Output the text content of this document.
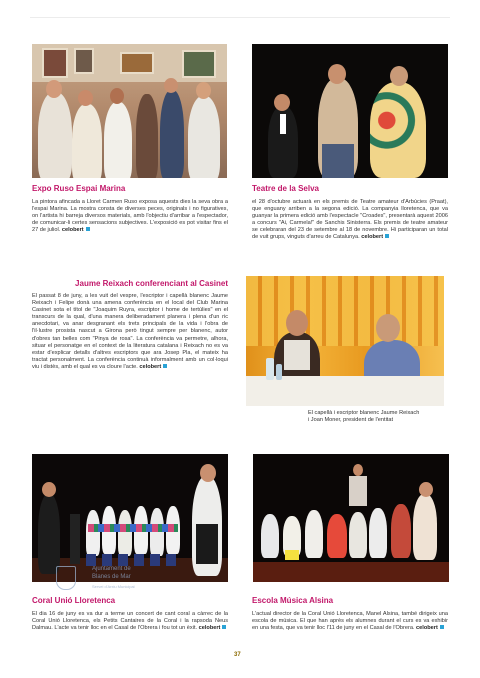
Expo Ruso Espai Marina
La pintora afincada a Lloret Carmen Ruso exposa aquests dies la seva obra a l'espai Marina. La mostra consta de diverses peces, originals i no figuratives, on l'artista hi barreja diversos materials, amb l'objectiu d'arribar a l'espectador, de comunicar-li certes sensacions subjectives. L'exposició es pot visitar fins el 27 de juliol. celobert
Teatre de la Selva
el 28 d'octubre actuarà en els premis de Teatre amateur d'Arbúcies (Praat), que enguany arriben a la segona edició. La companyia lloretenca, que va guanyar la primera edició amb l'espectacle "Croades", presentarà aquest 2006 a concurs "Ai, Carmela!" de Sanchis Sinisterra. Els premis de teatre amateur se celebraran del 23 de setembre al 18 de novembre. Hi participaran un total de vuit grups, vinguts d'arreu de Catalunya. celobert
Jaume Reixach conferenciant al Casinet
El passat 8 de juny, a les vuit del vespre, l'escriptor i capellà blanenc Jaume Reixach i Felipe donà una amena conferència en el local del Club Marina Casinet sota el títol de "Joaquim Ruyra, escriptor i home de tertúlies" en el transcurs de la qual, d'una manera deliberadament planera i plena d'un ric anecdotari, va anar desgranant els trets principals de la vida i l'obra de l'il·lustre prosista nascut a Girona però tingut sempre per blanenc, autor d'obres tan belles com "Pinya de rosa". La conferència va permetre, alhora, situar el personatge en el context de la literatura catalana i Reixach no es va estar d'explicar detalls d'altres escriptors que ara Josep Pla, el mateix ha tractat personalment. La conferència continuà informalment amb un col·loqui viu i distès, amb el qual es va cloure l'acte. celobert
El capellà i escriptor blanenc Jaume Reixach
i Joan Moner, president de l'entitat
Ajuntament de
Blanes de Mar
Servei d'Arxiu Municipal
Coral Unió Lloretenca
El dia 16 de juny es va dur a terme un concert de cant coral a càrrec de la Coral Unió Lloretenca, els Petits Cantaires de la Coral i la rapsoda Neus Dalmau. L'acte va tenir lloc en el Casal de l'Obrera i fou tot un èxit. celobert
Escola Música Alsina
L'actual director de la Coral Unió Lloretenca, Manel Alsina, també dirigeix una escola de música. El que han après els alumnes durant el curs es va exhibir en una festa, que va tenir lloc l'11 de juny en el Casal de l'Obrera. celobert
37
